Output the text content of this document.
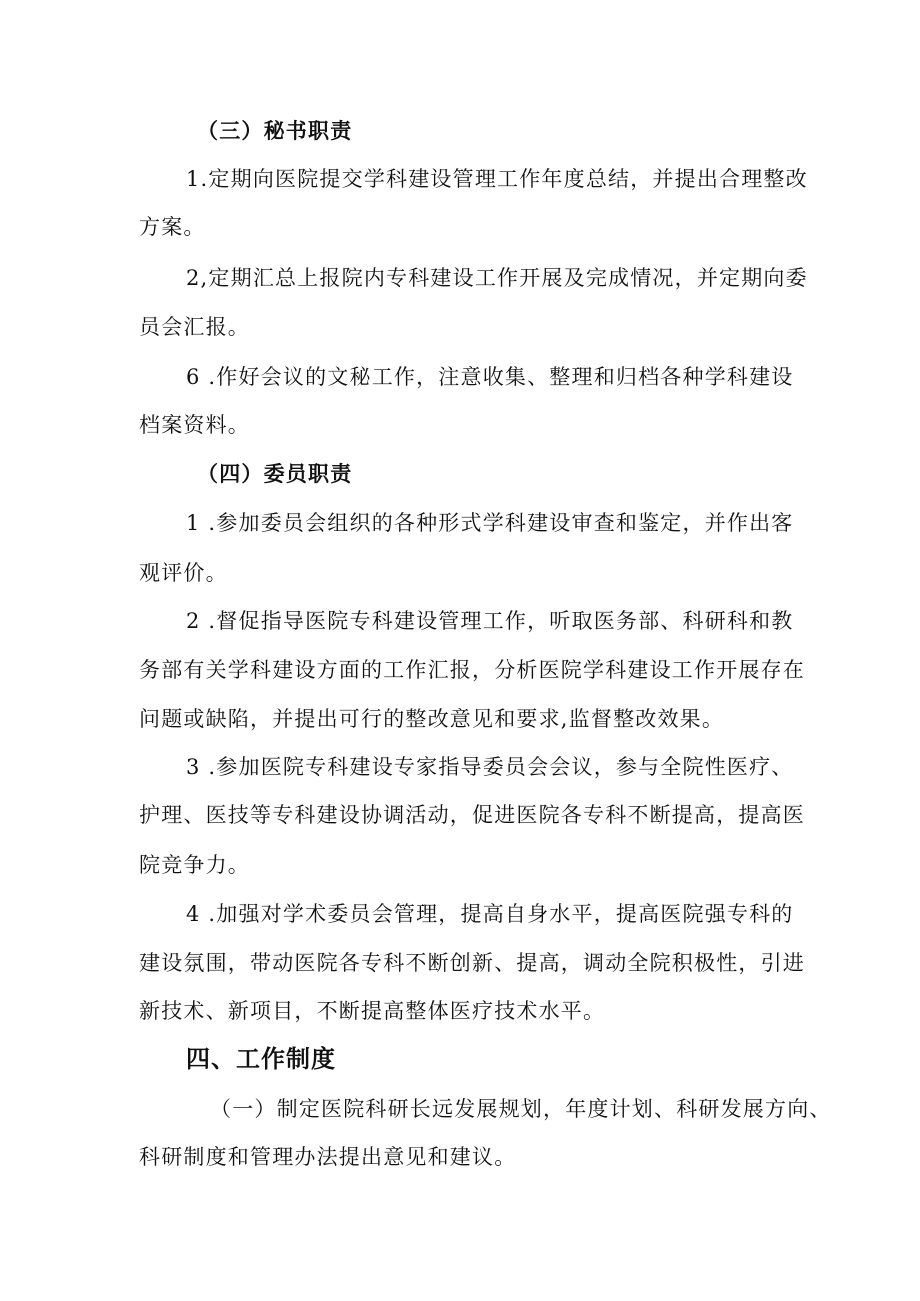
（三）秘书职责
1.定期向医院提交学科建设管理工作年度总结，并提出合理整改
方案。
2,定期汇总上报院内专科建设工作开展及完成情况，并定期向委
员会汇报。
6 .作好会议的文秘工作，注意收集、整理和归档各种学科建设
档案资料。
（四）委员职责
1 .参加委员会组织的各种形式学科建设审查和鉴定，并作出客
观评价。
2 .督促指导医院专科建设管理工作，听取医务部、科研科和教
务部有关学科建设方面的工作汇报，分析医院学科建设工作开展存在
问题或缺陷，并提出可行的整改意见和要求,监督整改效果。
3 .参加医院专科建设专家指导委员会会议，参与全院性医疗、
护理、医技等专科建设协调活动，促进医院各专科不断提高，提高医
院竞争力。
4 .加强对学术委员会管理，提高自身水平，提高医院强专科的
建设氛围，带动医院各专科不断创新、提高，调动全院积极性，引进
新技术、新项目，不断提高整体医疗技术水平。
四、工作制度
（一）制定医院科研长远发展规划，年度计划、科研发展方向、
科研制度和管理办法提出意见和建议。
